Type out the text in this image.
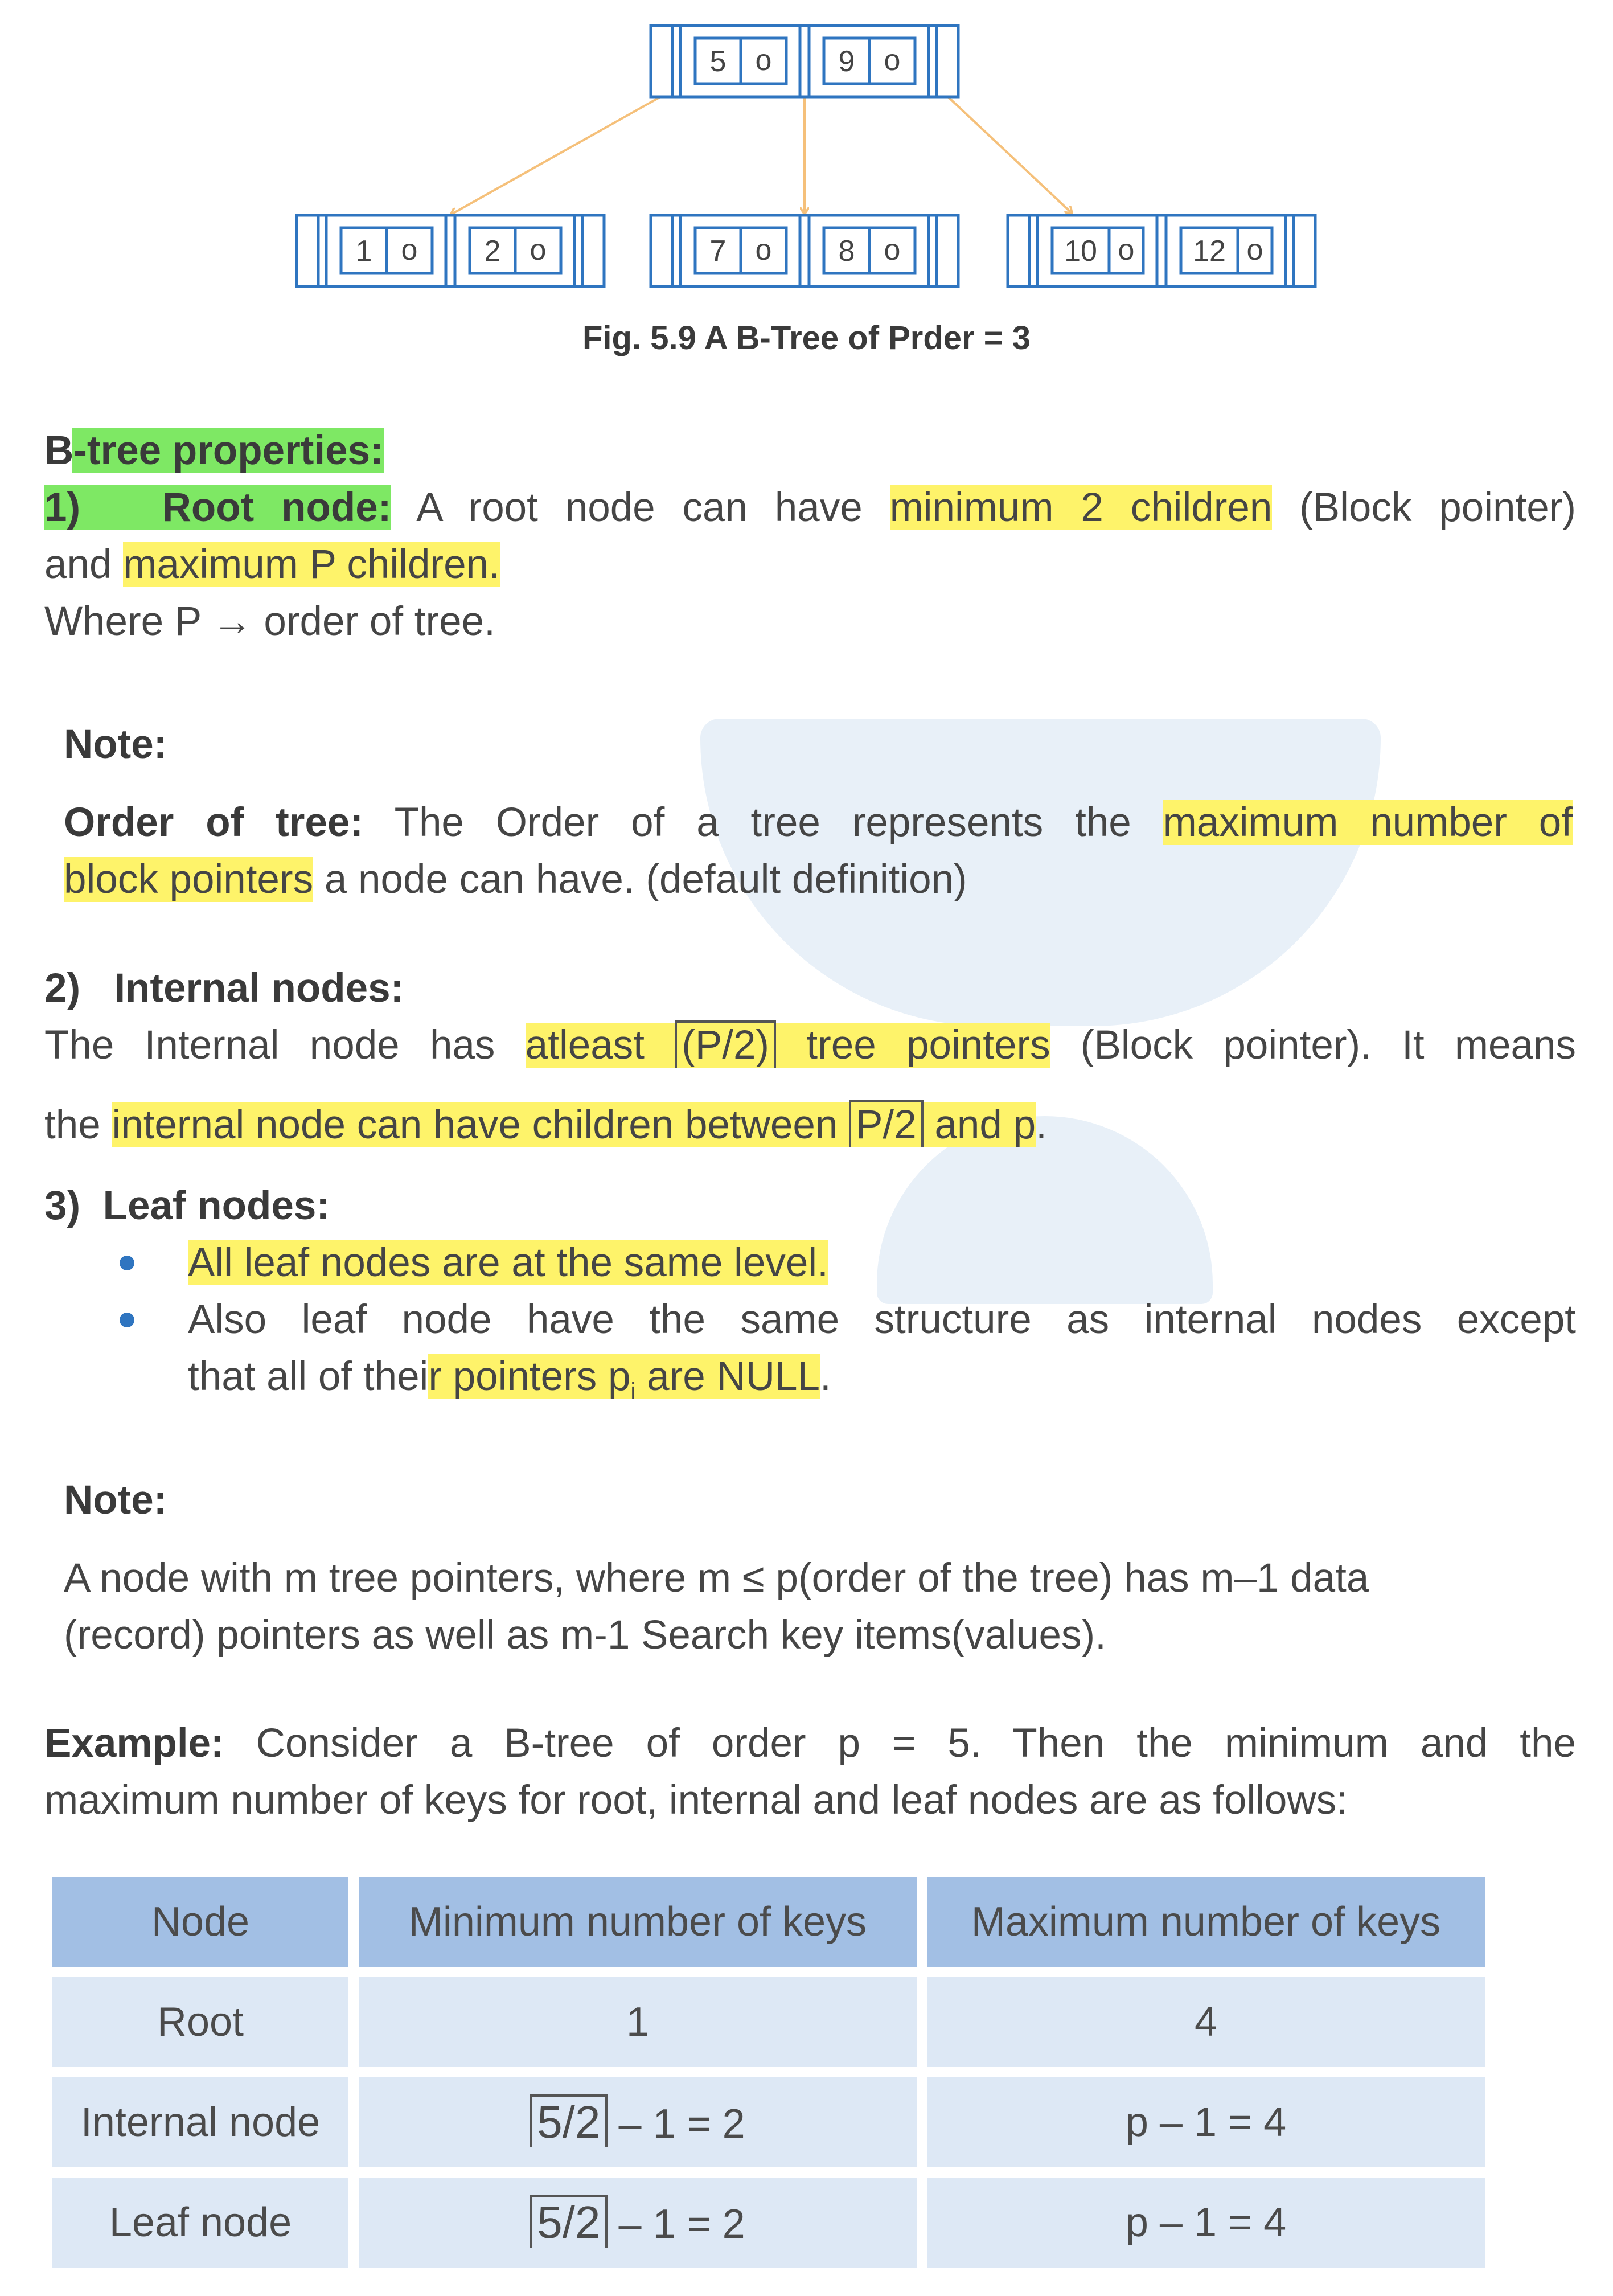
5 o 9 o
1 o 2 o	7 o 8 o	10 o 12 o
Fig. 5.9 A B-Tree of Prder = 3
B-tree properties:
1) Root node: A root node can have minimum 2 children (Block pointer)
and maximum P children.
Where P → order of tree.
Note:
Order of tree: The Order of a tree represents the maximum number of
block pointers a node can have. (default definition)
2) Internal nodes:
The Internal node has atleast (P/2) tree pointers (Block pointer). It means
the internal node can have children between P/2 and p.
3) Leaf nodes:
All leaf nodes are at the same level.
Also leaf node have the same structure as internal nodes except
that all of their pointers $p_i$ are NULL.
Note:
A node with m tree pointers, where m ≤ p(order of the tree) has m–1 data
(record) pointers as well as m-1 Search key items(values).
Example: Consider a B-tree of order p = 5. Then the minimum and the
maximum number of keys for root, internal and leaf nodes are as follows:
Node	Minimum number of keys	Maximum number of keys
Root	1	4
Internal node	5/2 – 1 = 2	p – 1 = 4
Leaf node	5/2 – 1 = 2	p – 1 = 4
